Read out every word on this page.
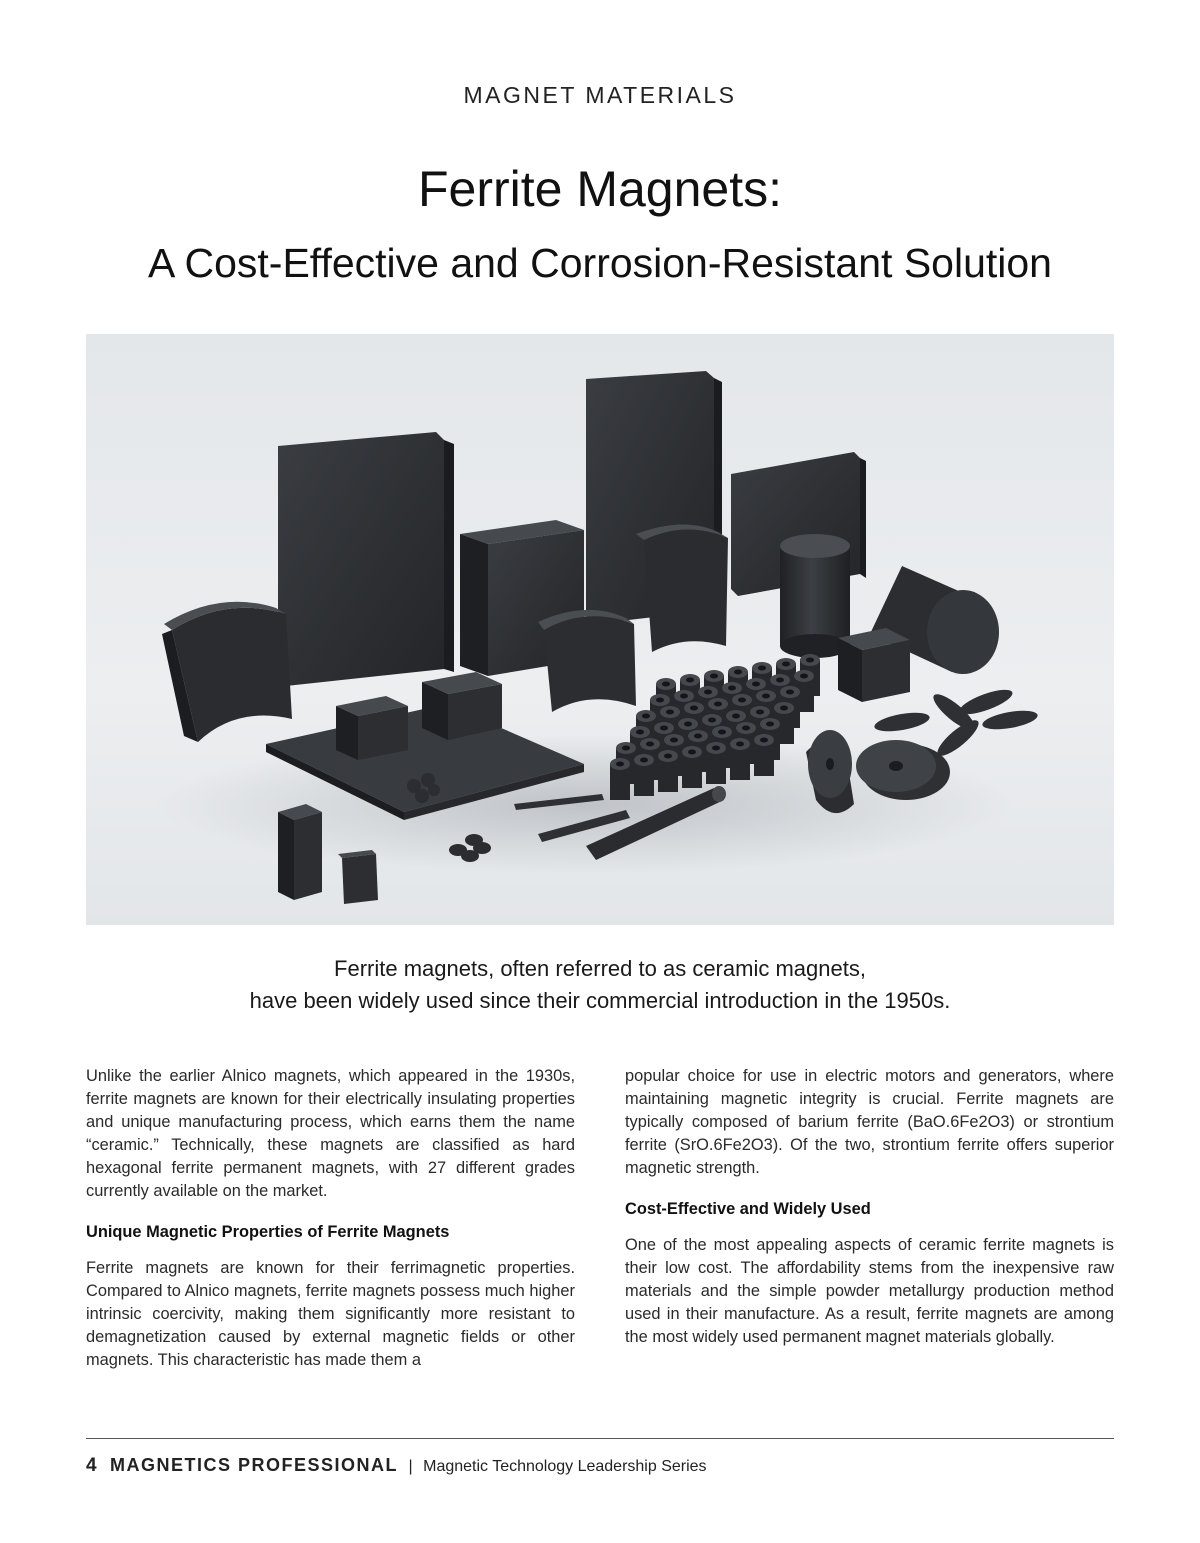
MAGNET MATERIALS
Ferrite Magnets:
A Cost-Effective and Corrosion-Resistant Solution
Ferrite magnets, often referred to as ceramic magnets,
have been widely used since their commercial introduction in the 1950s.

Unlike the earlier Alnico magnets, which appeared in the 1930s, ferrite magnets are known for their electrically insulating properties and unique manufacturing process, which earns them the name “ceramic.” Technically, these magnets are classified as hard hexagonal ferrite permanent magnets, with 27 different grades currently available on the market.

Unique Magnetic Properties of Ferrite Magnets

Ferrite magnets are known for their ferrimagnetic properties. Compared to Alnico magnets, ferrite magnets possess much higher intrinsic coercivity, making them significantly more resistant to demagnetization caused by external magnetic fields or other magnets. This characteristic has made them a

popular choice for use in electric motors and generators, where maintaining magnetic integrity is crucial. Ferrite magnets are typically composed of barium ferrite (BaO.6Fe2O3) or strontium ferrite (SrO.6Fe2O3). Of the two, strontium ferrite offers superior magnetic strength.

Cost-Effective and Widely Used

One of the most appealing aspects of ceramic ferrite magnets is their low cost. The affordability stems from the inexpensive raw materials and the simple powder metallurgy production method used in their manufacture. As a result, ferrite magnets are among the most widely used permanent magnet materials globally.

4 MAGNETICS PROFESSIONAL | Magnetic Technology Leadership Series
